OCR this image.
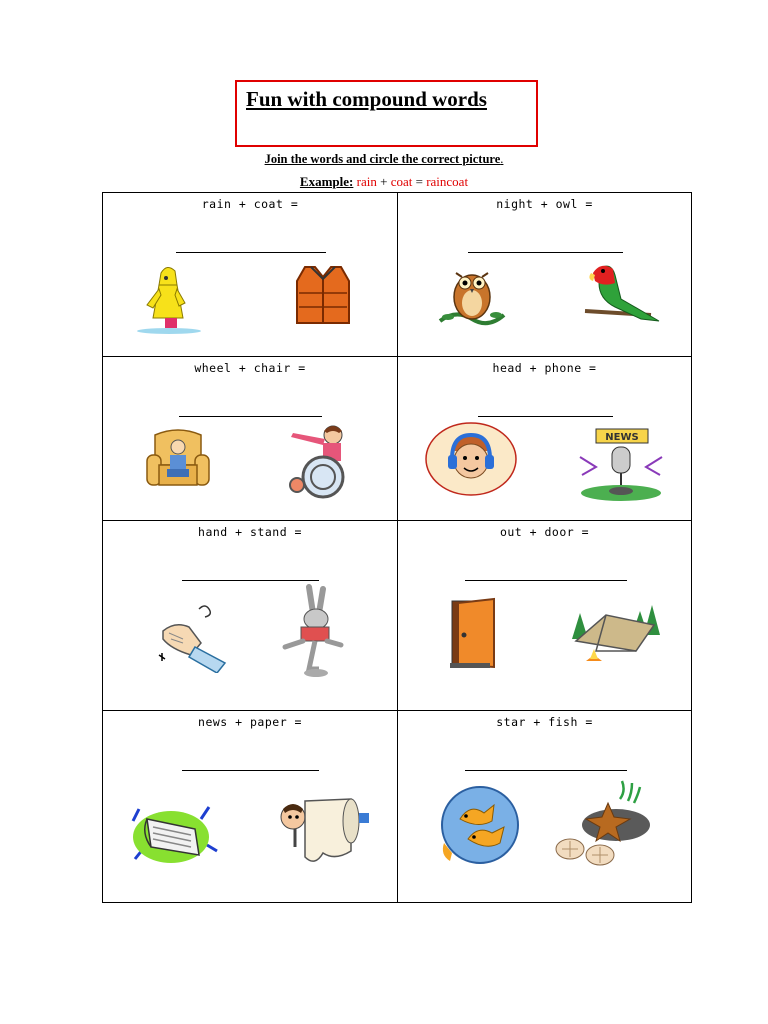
Fun with compound words
Join the words and circle the correct picture.
Example: rain + coat = raincoat
rain + coat =	night + owl =
wheel + chair =	head + phone =
NEWS
hand + stand =	out + door =
news + paper =	star + fish =
